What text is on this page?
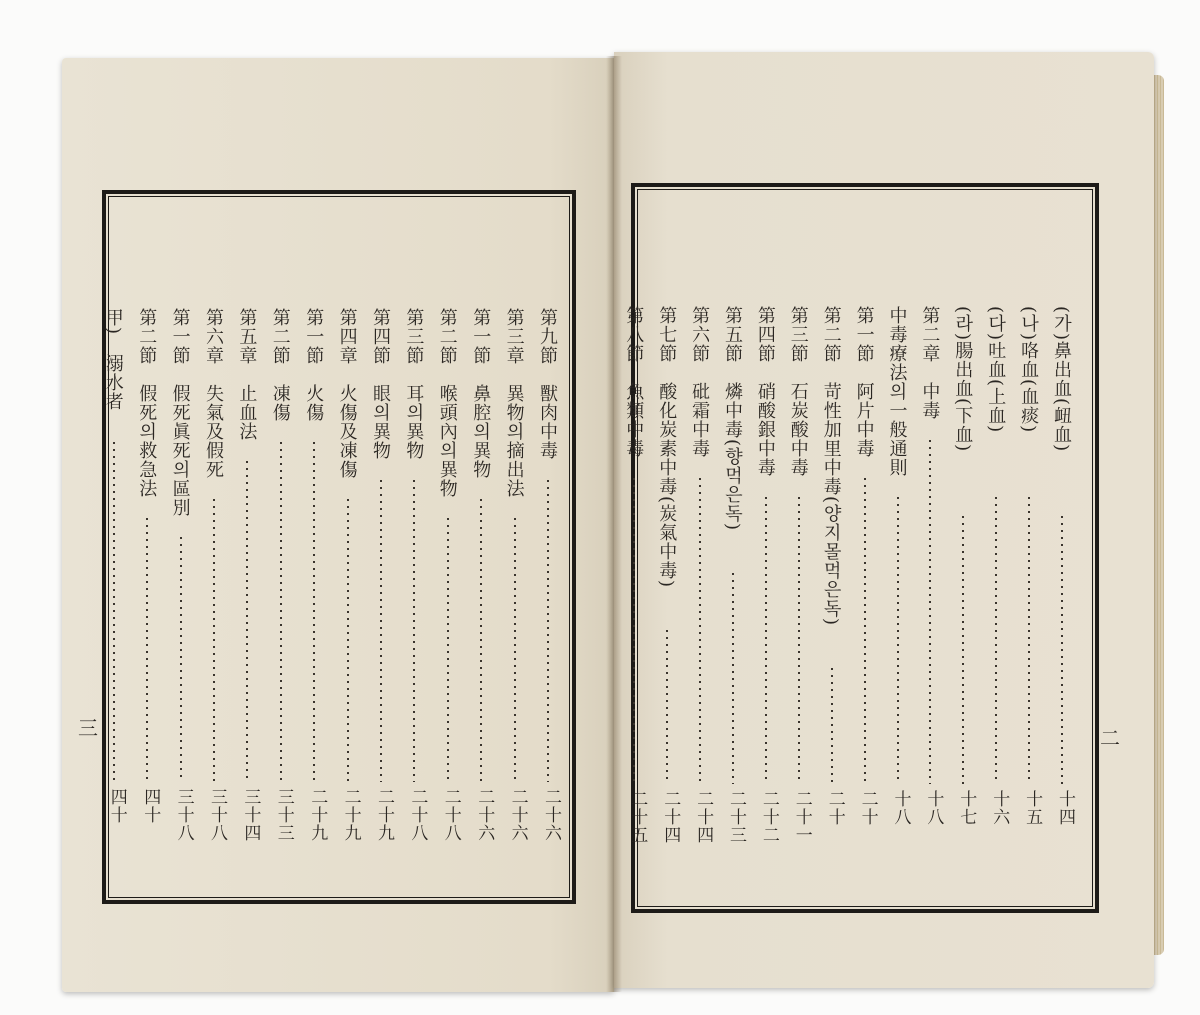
第九節　獸肉中毒
二十六
第三章　異物의摘出法
二十六
第一節　鼻腔의異物
二十六
第二節　喉頭內의異物
二十八
第三節　耳의異物
二十八
第四節　眼의異物
二十九
第四章　火傷及凍傷
二十九
第一節　火傷
二十九
第二節　凍傷
三十三
第五章　止血法
三十四
第六章　失氣及假死
三十八
第一節　假死眞死의區別
三十八
第二節　假死의救急法
四十
甲)　溺水者
四十
(가)鼻出血(衄血)
十四
(나)咯血(血痰)
十五
(다)吐血(上血)
十六
(라)腸出血(下血)
十七
第二章　中毒
十八
中毒療法의一般通則
十八
第一節　阿片中毒
二十
第二節　苛性加里中毒(양지몰먹은독)
二十
第三節　石炭酸中毒
二十一
第四節　硝酸銀中毒
二十二
第五節　燐中毒(향먹은독)
二十三
第六節　砒霜中毒
二十四
第七節　酸化炭素中毒(炭氣中毒)
二十四
第八節　魚類中毒
二十五
三	二
